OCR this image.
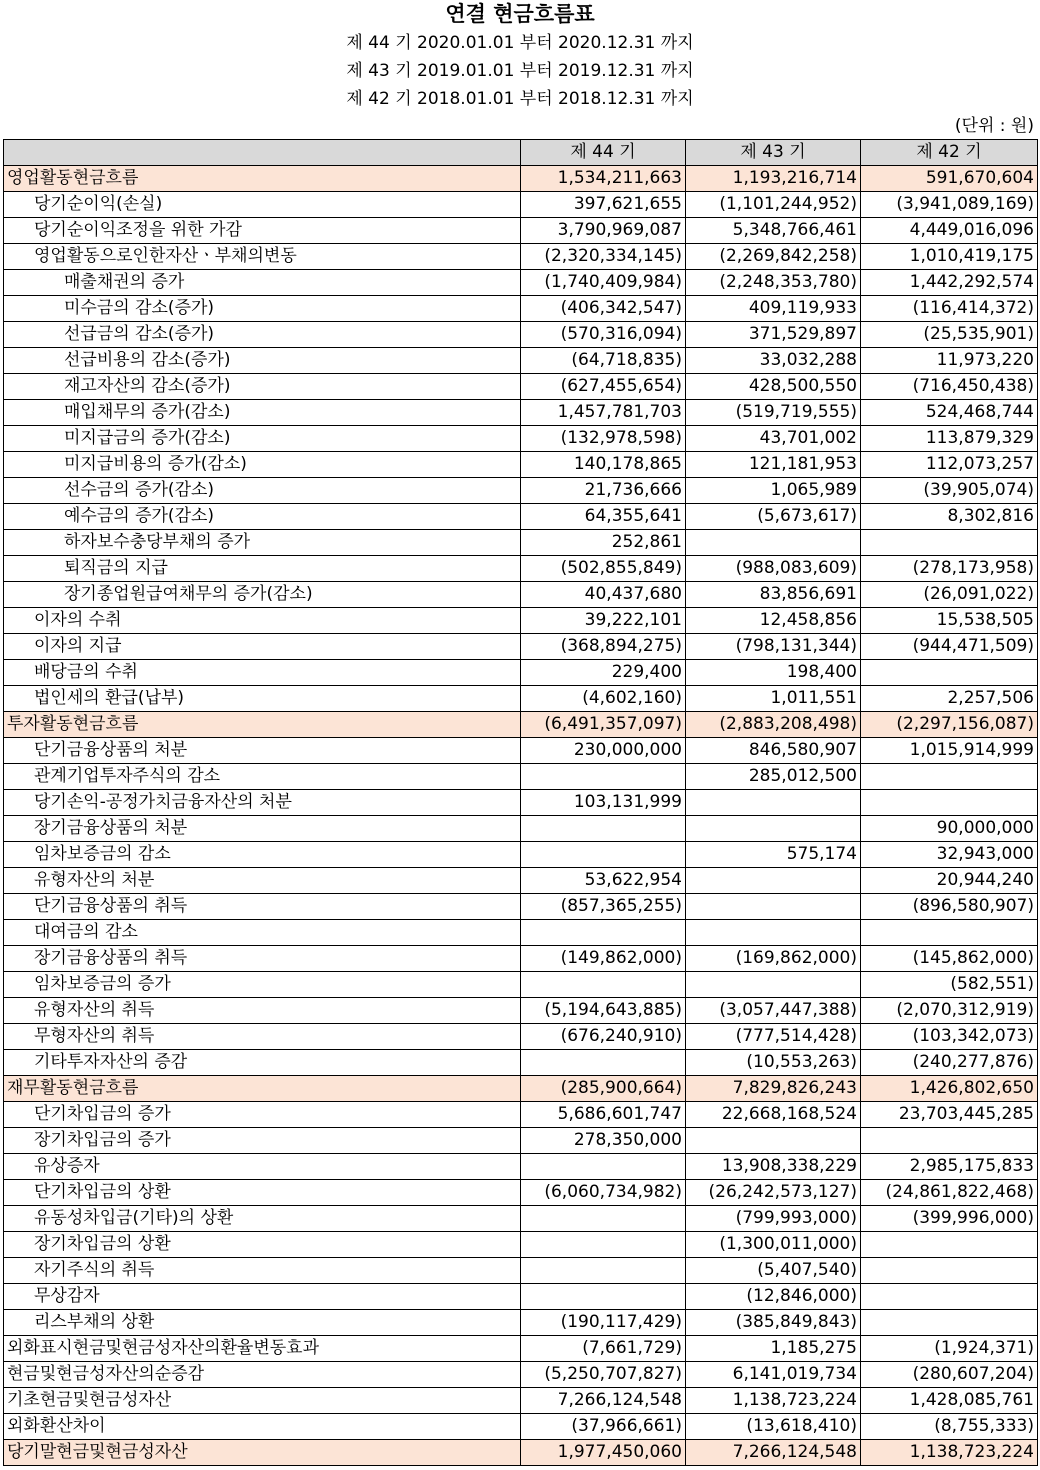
연결 현금흐름표
제 44 기 2020.01.01 부터 2020.12.31 까지
제 43 기 2019.01.01 부터 2019.12.31 까지
제 42 기 2018.01.01 부터 2018.12.31 까지
(단위 : 원)
	제 44 기	제 43 기	제 42 기
영업활동현금흐름	1,534,211,663	1,193,216,714	591,670,604
당기순이익(손실)	397,621,655	(1,101,244,952)	(3,941,089,169)
당기순이익조정을 위한 가감	3,790,969,087	5,348,766,461	4,449,016,096
영업활동으로인한자산ㆍ부채의변동	(2,320,334,145)	(2,269,842,258)	1,010,419,175
매출채권의 증가	(1,740,409,984)	(2,248,353,780)	1,442,292,574
미수금의 감소(증가)	(406,342,547)	409,119,933	(116,414,372)
선급금의 감소(증가)	(570,316,094)	371,529,897	(25,535,901)
선급비용의 감소(증가)	(64,718,835)	33,032,288	11,973,220
재고자산의 감소(증가)	(627,455,654)	428,500,550	(716,450,438)
매입채무의 증가(감소)	1,457,781,703	(519,719,555)	524,468,744
미지급금의 증가(감소)	(132,978,598)	43,701,002	113,879,329
미지급비용의 증가(감소)	140,178,865	121,181,953	112,073,257
선수금의 증가(감소)	21,736,666	1,065,989	(39,905,074)
예수금의 증가(감소)	64,355,641	(5,673,617)	8,302,816
하자보수충당부채의 증가	252,861		
퇴직금의 지급	(502,855,849)	(988,083,609)	(278,173,958)
장기종업원급여채무의 증가(감소)	40,437,680	83,856,691	(26,091,022)
이자의 수취	39,222,101	12,458,856	15,538,505
이자의 지급	(368,894,275)	(798,131,344)	(944,471,509)
배당금의 수취	229,400	198,400	
법인세의 환급(납부)	(4,602,160)	1,011,551	2,257,506
투자활동현금흐름	(6,491,357,097)	(2,883,208,498)	(2,297,156,087)
단기금융상품의 처분	230,000,000	846,580,907	1,015,914,999
관계기업투자주식의 감소		285,012,500	
당기손익-공정가치금융자산의 처분	103,131,999		
장기금융상품의 처분			90,000,000
임차보증금의 감소		575,174	32,943,000
유형자산의 처분	53,622,954		20,944,240
단기금융상품의 취득	(857,365,255)		(896,580,907)
대여금의 감소			
장기금융상품의 취득	(149,862,000)	(169,862,000)	(145,862,000)
임차보증금의 증가			(582,551)
유형자산의 취득	(5,194,643,885)	(3,057,447,388)	(2,070,312,919)
무형자산의 취득	(676,240,910)	(777,514,428)	(103,342,073)
기타투자자산의 증감		(10,553,263)	(240,277,876)
재무활동현금흐름	(285,900,664)	7,829,826,243	1,426,802,650
단기차입금의 증가	5,686,601,747	22,668,168,524	23,703,445,285
장기차입금의 증가	278,350,000		
유상증자		13,908,338,229	2,985,175,833
단기차입금의 상환	(6,060,734,982)	(26,242,573,127)	(24,861,822,468)
유동성차입금(기타)의 상환		(799,993,000)	(399,996,000)
장기차입금의 상환		(1,300,011,000)	
자기주식의 취득		(5,407,540)	
무상감자		(12,846,000)	
리스부채의 상환	(190,117,429)	(385,849,843)	
외화표시현금및현금성자산의환율변동효과	(7,661,729)	1,185,275	(1,924,371)
현금및현금성자산의순증감	(5,250,707,827)	6,141,019,734	(280,607,204)
기초현금및현금성자산	7,266,124,548	1,138,723,224	1,428,085,761
외화환산차이	(37,966,661)	(13,618,410)	(8,755,333)
당기말현금및현금성자산	1,977,450,060	7,266,124,548	1,138,723,224
